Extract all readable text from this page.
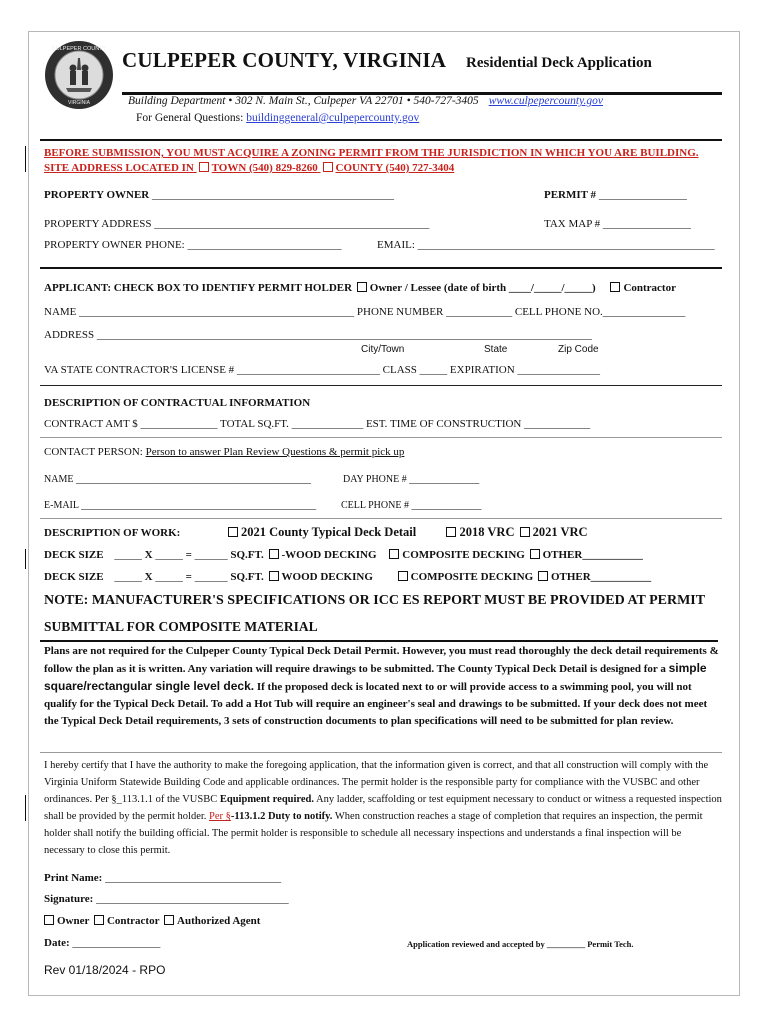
CULPEPER COUNTY
VIRGINIA
CULPEPER COUNTY, VIRGINIA Residential Deck Application
Building Department • 302 N. Main St., Culpeper VA 22701 • 540-727-3405 www.culpepercounty.gov
For General Questions: buildinggeneral@culpepercounty.gov
BEFORE SUBMISSION, YOU MUST ACQUIRE A ZONING PERMIT FROM THE JURISDICTION IN WHICH YOU ARE BUILDING.
SITE ADDRESS LOCATED IN TOWN (540) 829-8260 COUNTY (540) 727-3404
PROPERTY OWNER ____________________________________________	PERMIT # ________________
PROPERTY ADDRESS __________________________________________________	TAX MAP # ________________
PROPERTY OWNER PHONE: ____________________________	EMAIL: ______________________________________________________
APPLICANT: CHECK BOX TO IDENTIFY PERMIT HOLDER Owner / Lessee (date of birth ____/_____/_____)	Contractor
NAME __________________________________________________ PHONE NUMBER ____________ CELL PHONE NO._______________
ADDRESS __________________________________________________________________________________________
City/Town	State	Zip Code
VA STATE CONTRACTOR'S LICENSE # __________________________ CLASS _____ EXPIRATION _______________
DESCRIPTION OF CONTRACTUAL INFORMATION
CONTRACT AMT $ ______________ TOTAL SQ.FT. _____________ EST. TIME OF CONSTRUCTION ____________
CONTACT PERSON: Person to answer Plan Review Questions & permit pick up
NAME _______________________________________________	DAY PHONE # ______________
E-MAIL _______________________________________________ CELL PHONE # ______________
DESCRIPTION OF WORK:	2021 County Typical Deck Detail	2018 VRC 2021 VRC
DECK SIZE _____ X _____ = ______ SQ.FT. -WOOD DECKING COMPOSITE DECKING OTHER___________
DECK SIZE _____ X _____ = ______ SQ.FT. WOOD DECKING	COMPOSITE DECKING OTHER___________
NOTE: MANUFACTURER'S SPECIFICATIONS OR ICC ES REPORT MUST BE PROVIDED AT PERMIT
SUBMITTAL FOR COMPOSITE MATERIAL
Plans are not required for the Culpeper County Typical Deck Detail Permit. However, you must read thoroughly the deck detail requirements & follow the plan as it is written. Any variation will require drawings to be submitted. The County Typical Deck Detail is designed for a simple square/rectangular single level deck. If the proposed deck is located next to or will provide access to a swimming pool, you will not qualify for the Typical Deck Detail. To add a Hot Tub will require an engineer's seal and drawings to be submitted. If your deck does not meet the Typical Deck Detail requirements, 3 sets of construction documents to plan specifications will need to be submitted for plan review.
I hereby certify that I have the authority to make the foregoing application, that the information given is correct, and that all construction will comply with the Virginia Uniform Statewide Building Code and applicable ordinances. The permit holder is the responsible party for compliance with the VUSBC and other ordinances. Per §_113.1.1 of the VUSBC Equipment required. Any ladder, scaffolding or test equipment necessary to conduct or witness a requested inspection shall be provided by the permit holder. Per §-113.1.2 Duty to notify. When construction reaches a stage of completion that requires an inspection, the permit holder shall notify the building official. The permit holder is responsible to schedule all necessary inspections and understands a final inspection will be necessary to close this permit.
Print Name: ________________________________
Signature: ___________________________________
Owner Contractor Authorized Agent
Date: ________________	Application reviewed and accepted by _________ Permit Tech.
Rev 01/18/2024 - RPO
